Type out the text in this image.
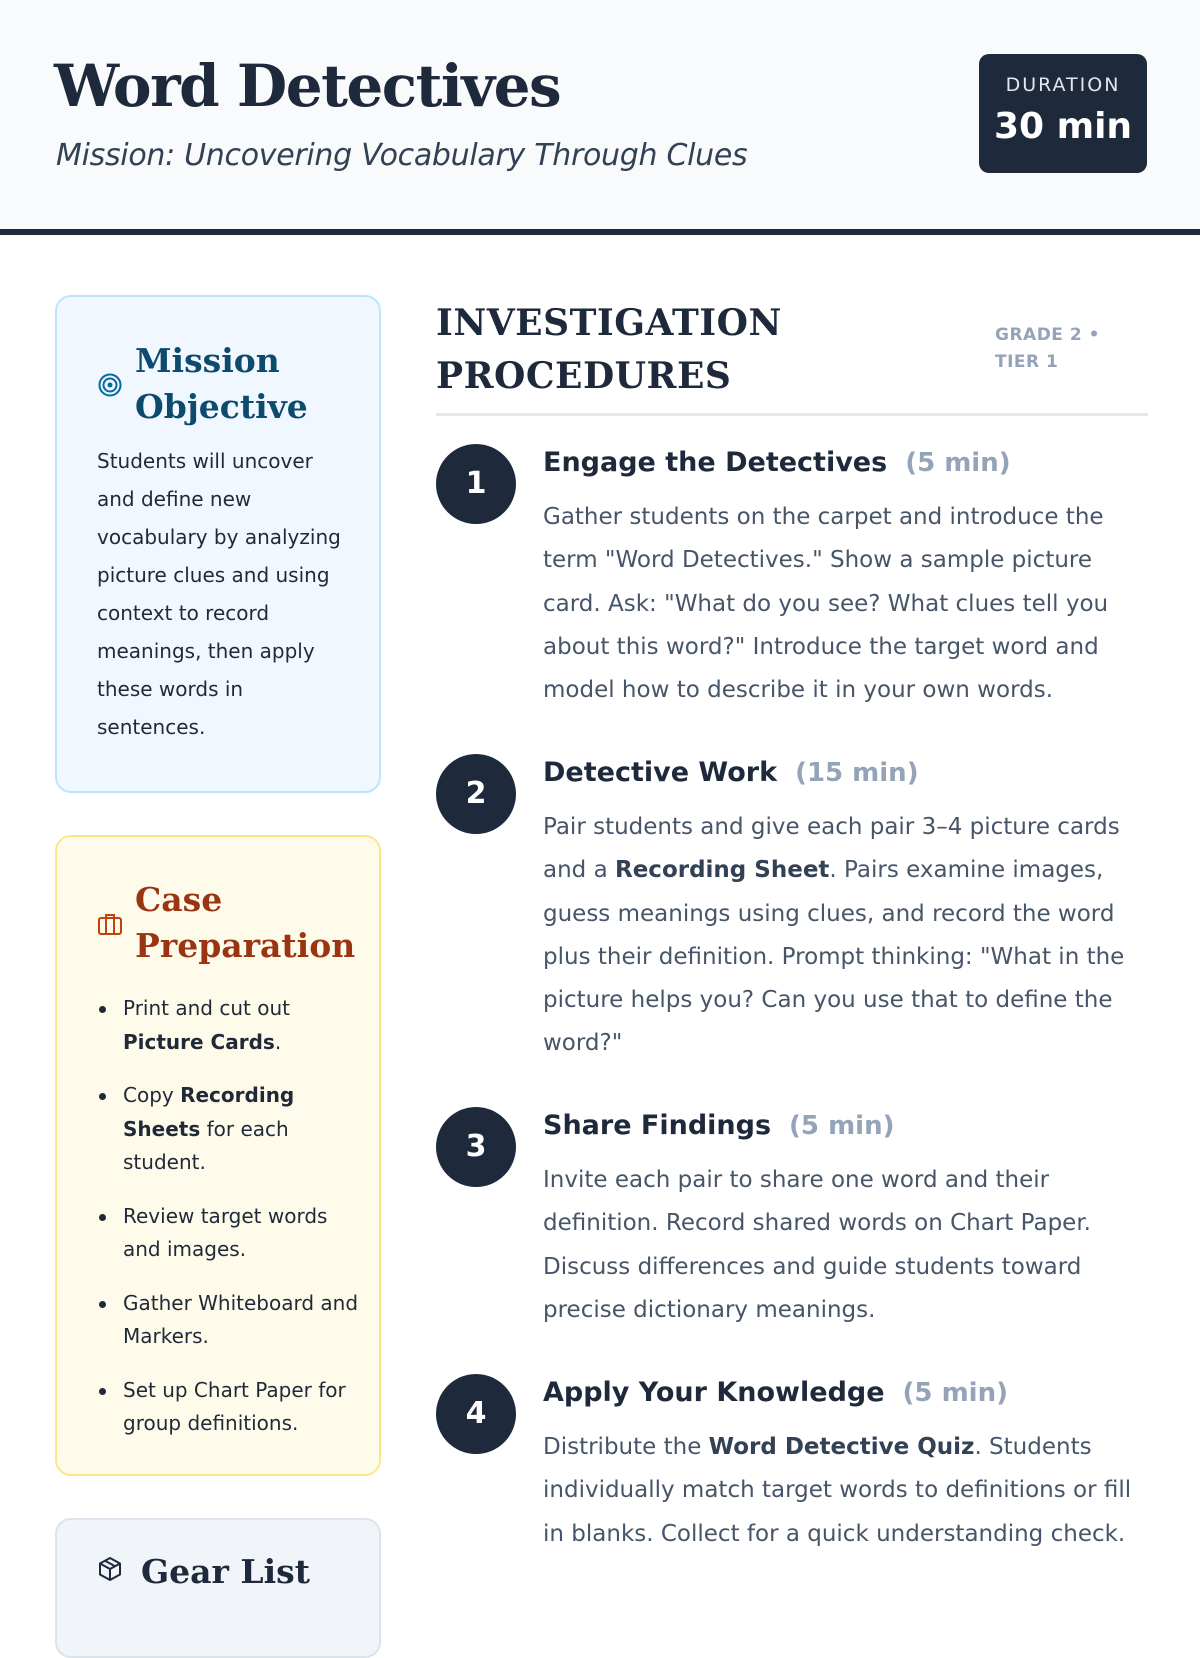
Word Detectives

Mission: Uncovering Vocabulary Through Clues

DURATION
30 min
Mission
Objective

Students will uncover and define new vocabulary by analyzing picture clues and using context to record meanings, then apply these words in sentences.

Case
Preparation
Print and cut out Picture Cards.
Copy Recording Sheets for each student.
Review target words and images.
Gather Whiteboard and Markers.
Set up Chart Paper for group definitions.
Gear List
INVESTIGATION
PROCEDURES

GRADE 2 • TIER 1

1
Engage the Detectives (5 min)

Gather students on the carpet and introduce the term "Word Detectives." Show a sample picture card. Ask: "What do you see? What clues tell you about this word?" Introduce the target word and model how to describe it in your own words.

2
Detective Work (15 min)

Pair students and give each pair 3–4 picture cards and a Recording Sheet. Pairs examine images, guess meanings using clues, and record the word plus their definition. Prompt thinking: "What in the picture helps you? Can you use that to define the word?"

3
Share Findings (5 min)

Invite each pair to share one word and their definition. Record shared words on Chart Paper. Discuss differences and guide students toward precise dictionary meanings.

4
Apply Your Knowledge (5 min)

Distribute the Word Detective Quiz. Students individually match target words to definitions or fill in blanks. Collect for a quick understanding check.
